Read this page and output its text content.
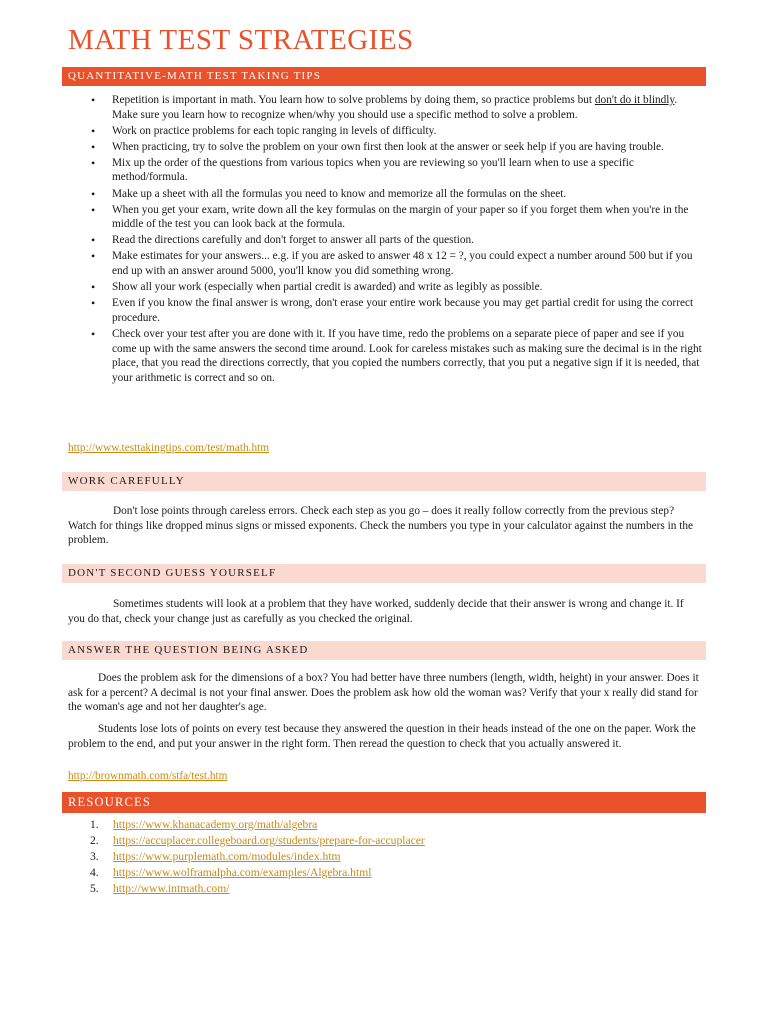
MATH TEST STRATEGIES
QUANTITATIVE-MATH TEST TAKING TIPS
• Repetition is important in math. You learn how to solve problems by doing them, so practice problems but don't do it blindly. Make sure you learn how to recognize when/why you should use a specific method to solve a problem.
• Work on practice problems for each topic ranging in levels of difficulty.
• When practicing, try to solve the problem on your own first then look at the answer or seek help if you are having trouble.
• Mix up the order of the questions from various topics when you are reviewing so you'll learn when to use a specific method/formula.
• Make up a sheet with all the formulas you need to know and memorize all the formulas on the sheet.
• When you get your exam, write down all the key formulas on the margin of your paper so if you forget them when you're in the middle of the test you can look back at the formula.
• Read the directions carefully and don't forget to answer all parts of the question.
• Make estimates for your answers... e.g. if you are asked to answer 48 x 12 = ?, you could expect a number around 500 but if you end up with an answer around 5000, you'll know you did something wrong.
• Show all your work (especially when partial credit is awarded) and write as legibly as possible.
• Even if you know the final answer is wrong, don't erase your entire work because you may get partial credit for using the correct procedure.
• Check over your test after you are done with it. If you have time, redo the problems on a separate piece of paper and see if you come up with the same answers the second time around. Look for careless mistakes such as making sure the decimal is in the right place, that you read the directions correctly, that you copied the numbers correctly, that you put a negative sign if it is needed, that your arithmetic is correct and so on.
http://www.testtakingtips.com/test/math.htm
WORK CAREFULLY

Don't lose points through careless errors. Check each step as you go – does it really follow correctly from the previous step? Watch for things like dropped minus signs or missed exponents. Check the numbers you type in your calculator against the numbers in the problem.

DON'T SECOND GUESS YOURSELF

Sometimes students will look at a problem that they have worked, suddenly decide that their answer is wrong and change it. If you do that, check your change just as carefully as you checked the original.

ANSWER THE QUESTION BEING ASKED

Does the problem ask for the dimensions of a box? You had better have three numbers (length, width, height) in your answer. Does it ask for a percent? A decimal is not your final answer. Does the problem ask how old the woman was? Verify that your x really did stand for the woman's age and not her daughter's age.

Students lose lots of points on every test because they answered the question in their heads instead of the one on the paper. Work the problem to the end, and put your answer in the right form. Then reread the question to check that you actually answered it.

http://brownmath.com/stfa/test.htm
RESOURCES
1. https://www.khanacademy.org/math/algebra
2. https://accuplacer.collegeboard.org/students/prepare-for-accuplacer
3. https://www.purplemath.com/modules/index.htm
4. https://www.wolframalpha.com/examples/Algebra.html
5. http://www.intmath.com/
